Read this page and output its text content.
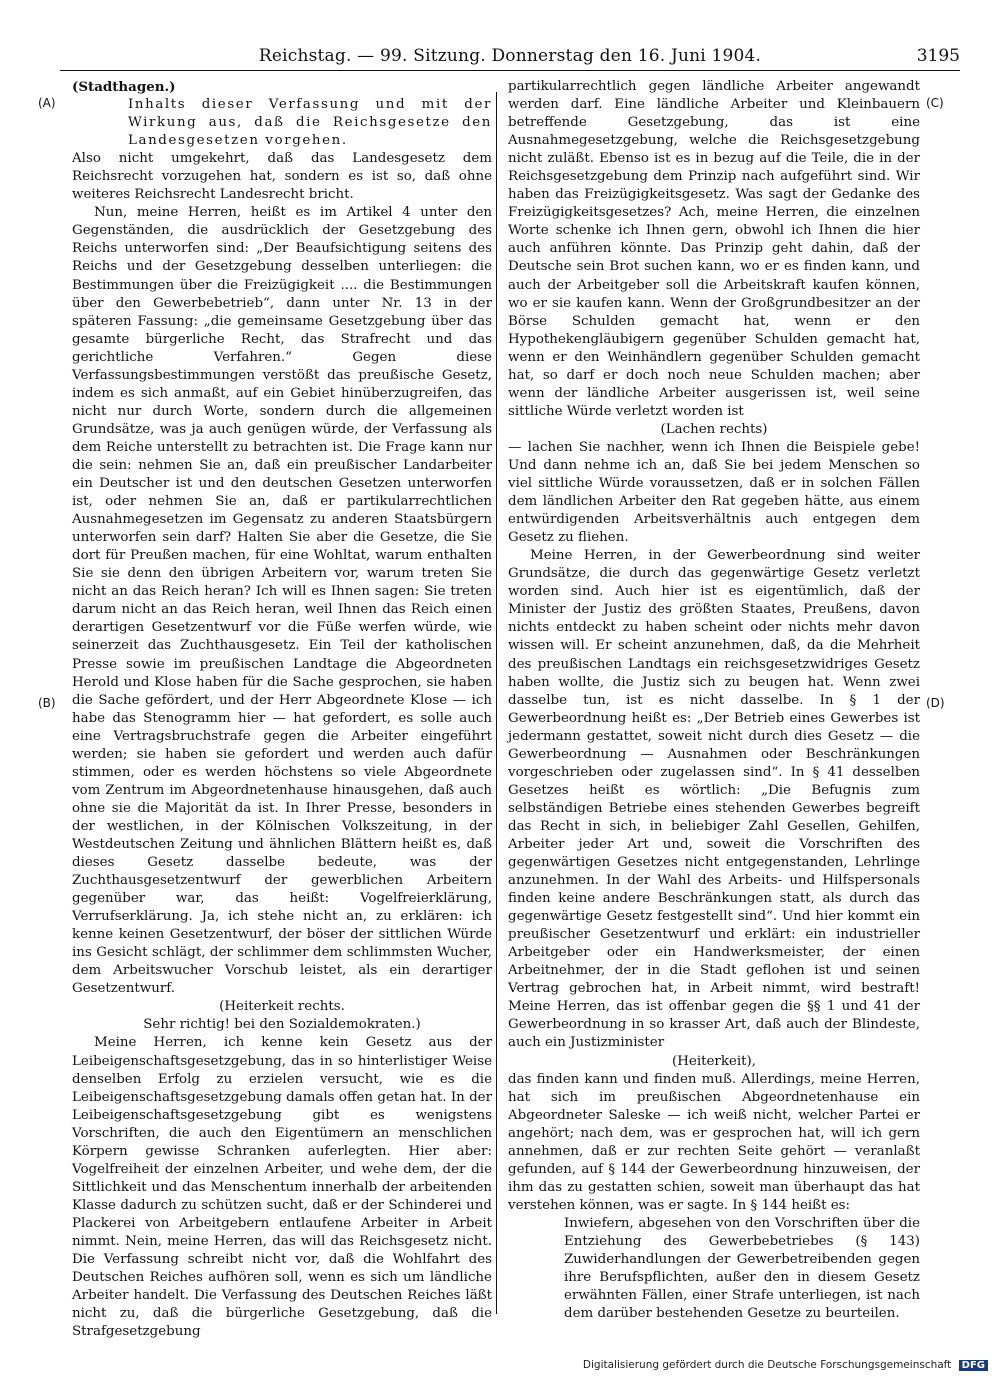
Reichstag. — 99. Sitzung. Donnerstag den 16. Juni 1904.	3195
(A)
(B)
(C)
(D)

(Stadthagen.)

Inhalts dieser Verfassung und mit der Wirkung aus, daß die Reichsgesetze den Landesgesetzen vorgehen.

Also nicht umgekehrt, daß das Landesgesetz dem Reichsrecht vorzugehen hat, sondern es ist so, daß ohne weiteres Reichsrecht Landesrecht bricht.

Nun, meine Herren, heißt es im Artikel 4 unter den Gegenständen, die ausdrücklich der Gesetzgebung des Reichs unterworfen sind: „Der Beaufsichtigung seitens des Reichs und der Gesetzgebung desselben unterliegen: die Bestimmungen über die Freizügigkeit .... die Bestimmungen über den Gewerbebetrieb“, dann unter Nr. 13 in der späteren Fassung: „die gemeinsame Gesetzgebung über das gesamte bürgerliche Recht, das Strafrecht und das gerichtliche Verfahren.“ Gegen diese Verfassungsbestimmungen verstößt das preußische Gesetz, indem es sich anmaßt, auf ein Gebiet hinüberzugreifen, das nicht nur durch Worte, sondern durch die allgemeinen Grundsätze, was ja auch genügen würde, der Verfassung als dem Reiche unterstellt zu betrachten ist. Die Frage kann nur die sein: nehmen Sie an, daß ein preußischer Landarbeiter ein Deutscher ist und den deutschen Gesetzen unterworfen ist, oder nehmen Sie an, daß er partikularrechtlichen Ausnahmegesetzen im Gegensatz zu anderen Staatsbürgern unterworfen sein darf? Halten Sie aber die Gesetze, die Sie dort für Preußen machen, für eine Wohltat, warum enthalten Sie sie denn den übrigen Arbeitern vor, warum treten Sie nicht an das Reich heran? Ich will es Ihnen sagen: Sie treten darum nicht an das Reich heran, weil Ihnen das Reich einen derartigen Gesetzentwurf vor die Füße werfen würde, wie seinerzeit das Zuchthausgesetz. Ein Teil der katholischen Presse sowie im preußischen Landtage die Abgeordneten Herold und Klose haben für die Sache gesprochen, sie haben die Sache gefördert, und der Herr Abgeordnete Klose — ich habe das Stenogramm hier — hat gefordert, es solle auch eine Vertragsbruchstrafe gegen die Arbeiter eingeführt werden; sie haben sie gefordert und werden auch dafür stimmen, oder es werden höchstens so viele Abgeordnete vom Zentrum im Abgeordnetenhause hinausgehen, daß auch ohne sie die Majorität da ist. In Ihrer Presse, besonders in der westlichen, in der Kölnischen Volkszeitung, in der Westdeutschen Zeitung und ähnlichen Blättern heißt es, daß dieses Gesetz dasselbe bedeute, was der Zuchthausgesetzentwurf der gewerblichen Arbeitern gegenüber war, das heißt: Vogelfreierklärung, Verrufserklärung. Ja, ich stehe nicht an, zu erklären: ich kenne keinen Gesetzentwurf, der böser der sittlichen Würde ins Gesicht schlägt, der schlimmer dem schlimmsten Wucher, dem Arbeitswucher Vorschub leistet, als ein derartiger Gesetzentwurf.

(Heiterkeit rechts.

Sehr richtig! bei den Sozialdemokraten.)

Meine Herren, ich kenne kein Gesetz aus der Leibeigenschaftsgesetzgebung, das in so hinterlistiger Weise denselben Erfolg zu erzielen versucht, wie es die Leibeigenschaftsgesetzgebung damals offen getan hat. In der Leibeigenschaftsgesetzgebung gibt es wenigstens Vorschriften, die auch den Eigentümern an menschlichen Körpern gewisse Schranken auferlegten. Hier aber: Vogelfreiheit der einzelnen Arbeiter, und wehe dem, der die Sittlichkeit und das Menschentum innerhalb der arbeitenden Klasse dadurch zu schützen sucht, daß er der Schinderei und Plackerei von Arbeitgebern entlaufene Arbeiter in Arbeit nimmt. Nein, meine Herren, das will das Reichsgesetz nicht. Die Verfassung schreibt nicht vor, daß die Wohlfahrt des Deutschen Reiches aufhören soll, wenn es sich um ländliche Arbeiter handelt. Die Verfassung des Deutschen Reiches läßt nicht zu, daß die bürgerliche Gesetzgebung, daß die Strafgesetzgebung

partikularrechtlich gegen ländliche Arbeiter angewandt werden darf. Eine ländliche Arbeiter und Kleinbauern betreffende Gesetzgebung, das ist eine Ausnahmegesetzgebung, welche die Reichsgesetzgebung nicht zuläßt. Ebenso ist es in bezug auf die Teile, die in der Reichsgesetzgebung dem Prinzip nach aufgeführt sind. Wir haben das Freizügigkeitsgesetz. Was sagt der Gedanke des Freizügigkeitsgesetzes? Ach, meine Herren, die einzelnen Worte schenke ich Ihnen gern, obwohl ich Ihnen die hier auch anführen könnte. Das Prinzip geht dahin, daß der Deutsche sein Brot suchen kann, wo er es finden kann, und auch der Arbeitgeber soll die Arbeitskraft kaufen können, wo er sie kaufen kann. Wenn der Großgrundbesitzer an der Börse Schulden gemacht hat, wenn er den Hypothekengläubigern gegenüber Schulden gemacht hat, wenn er den Weinhändlern gegenüber Schulden gemacht hat, so darf er doch noch neue Schulden machen; aber wenn der ländliche Arbeiter ausgerissen ist, weil seine sittliche Würde verletzt worden ist

(Lachen rechts)

— lachen Sie nachher, wenn ich Ihnen die Beispiele gebe! Und dann nehme ich an, daß Sie bei jedem Menschen so viel sittliche Würde voraussetzen, daß er in solchen Fällen dem ländlichen Arbeiter den Rat gegeben hätte, aus einem entwürdigenden Arbeitsverhältnis auch entgegen dem Gesetz zu fliehen.

Meine Herren, in der Gewerbeordnung sind weiter Grundsätze, die durch das gegenwärtige Gesetz verletzt worden sind. Auch hier ist es eigentümlich, daß der Minister der Justiz des größten Staates, Preußens, davon nichts entdeckt zu haben scheint oder nichts mehr davon wissen will. Er scheint anzunehmen, daß, da die Mehrheit des preußischen Landtags ein reichsgesetzwidriges Gesetz haben wollte, die Justiz sich zu beugen hat. Wenn zwei dasselbe tun, ist es nicht dasselbe. In § 1 der Gewerbeordnung heißt es: „Der Betrieb eines Gewerbes ist jedermann gestattet, soweit nicht durch dies Gesetz — die Gewerbeordnung — Ausnahmen oder Beschränkungen vorgeschrieben oder zugelassen sind“. In § 41 desselben Gesetzes heißt es wörtlich: „Die Befugnis zum selbständigen Betriebe eines stehenden Gewerbes begreift das Recht in sich, in beliebiger Zahl Gesellen, Gehilfen, Arbeiter jeder Art und, soweit die Vorschriften des gegenwärtigen Gesetzes nicht entgegenstanden, Lehrlinge anzunehmen. In der Wahl des Arbeits- und Hilfspersonals finden keine andere Beschränkungen statt, als durch das gegenwärtige Gesetz festgestellt sind“. Und hier kommt ein preußischer Gesetzentwurf und erklärt: ein industrieller Arbeitgeber oder ein Handwerksmeister, der einen Arbeitnehmer, der in die Stadt geflohen ist und seinen Vertrag gebrochen hat, in Arbeit nimmt, wird bestraft! Meine Herren, das ist offenbar gegen die §§ 1 und 41 der Gewerbeordnung in so krasser Art, daß auch der Blindeste, auch ein Justizminister

(Heiterkeit),

das finden kann und finden muß. Allerdings, meine Herren, hat sich im preußischen Abgeordnetenhause ein Abgeordneter Saleske — ich weiß nicht, welcher Partei er angehört; nach dem, was er gesprochen hat, will ich gern annehmen, daß er zur rechten Seite gehört — veranlaßt gefunden, auf § 144 der Gewerbeordnung hinzuweisen, der ihm das zu gestatten schien, soweit man überhaupt das hat verstehen können, was er sagte. In § 144 heißt es:

Inwiefern, abgesehen von den Vorschriften über die Entziehung des Gewerbebetriebes (§ 143) Zuwiderhandlungen der Gewerbetreibenden gegen ihre Berufspflichten, außer den in diesem Gesetz erwähnten Fällen, einer Strafe unterliegen, ist nach dem darüber bestehenden Gesetze zu beurteilen.

Digitalisierung gefördert durch die Deutsche Forschungsgemeinschaft DFG
